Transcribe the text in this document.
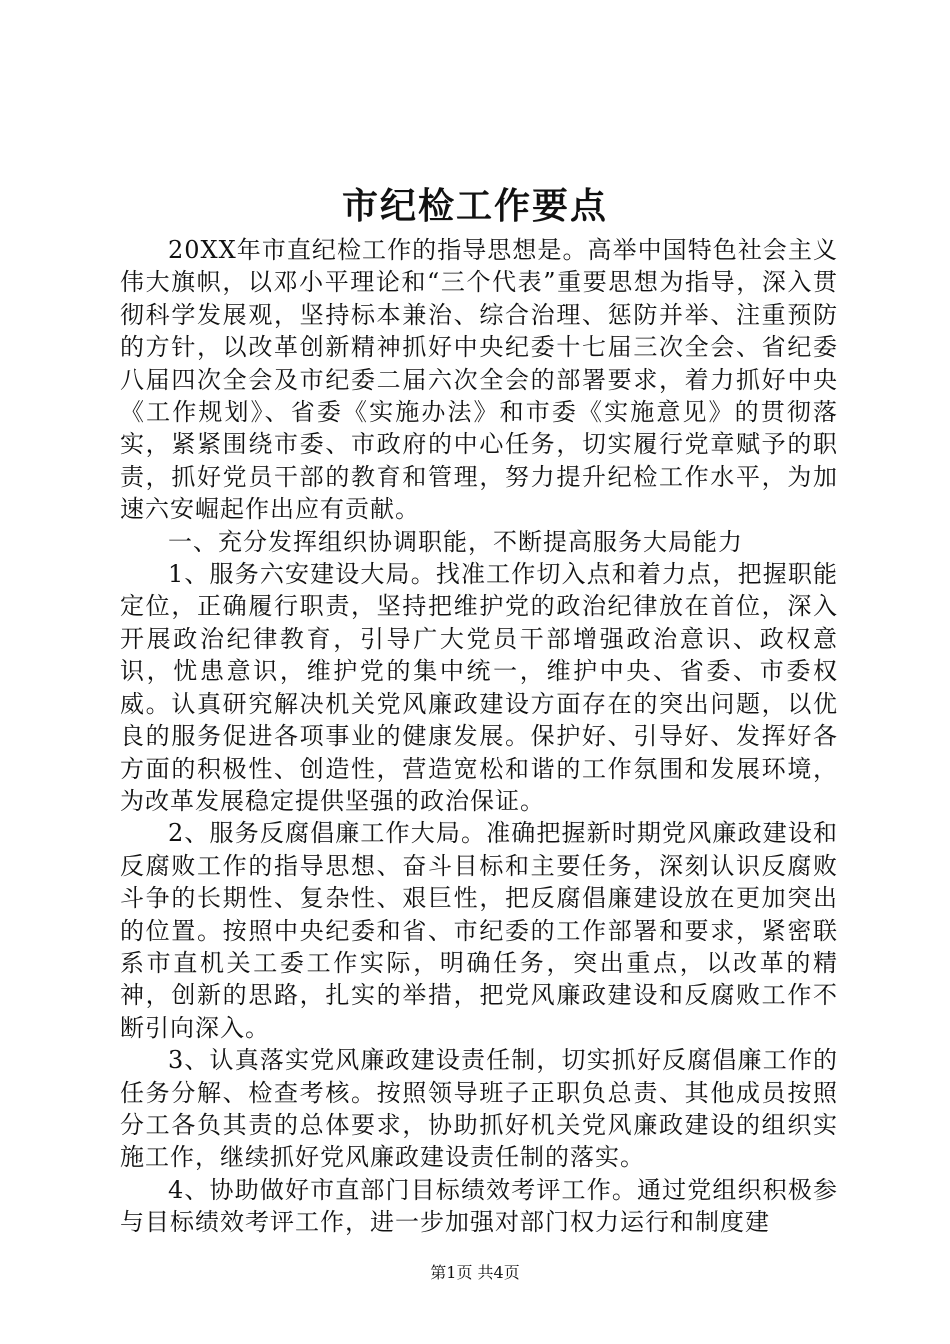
市纪检工作要点

20XX年市直纪检工作的指导思想是。高举中国特色社会主义伟大旗帜，以邓小平理论和“三个代表”重要思想为指导，深入贯彻科学发展观，坚持标本兼治、综合治理、惩防并举、注重预防的方针，以改革创新精神抓好中央纪委十七届三次全会、省纪委八届四次全会及市纪委二届六次全会的部署要求，着力抓好中央《工作规划》、省委《实施办法》和市委《实施意见》的贯彻落实，紧紧围绕市委、市政府的中心任务，切实履行党章赋予的职责，抓好党员干部的教育和管理，努力提升纪检工作水平，为加速六安崛起作出应有贡献。

一、充分发挥组织协调职能，不断提高服务大局能力

1、服务六安建设大局。找准工作切入点和着力点，把握职能定位，正确履行职责，坚持把维护党的政治纪律放在首位，深入开展政治纪律教育，引导广大党员干部增强政治意识、政权意识，忧患意识，维护党的集中统一，维护中央、省委、市委权威。认真研究解决机关党风廉政建设方面存在的突出问题，以优良的服务促进各项事业的健康发展。保护好、引导好、发挥好各方面的积极性、创造性，营造宽松和谐的工作氛围和发展环境，为改革发展稳定提供坚强的政治保证。

2、服务反腐倡廉工作大局。准确把握新时期党风廉政建设和反腐败工作的指导思想、奋斗目标和主要任务，深刻认识反腐败斗争的长期性、复杂性、艰巨性，把反腐倡廉建设放在更加突出的位置。按照中央纪委和省、市纪委的工作部署和要求，紧密联系市直机关工委工作实际，明确任务，突出重点，以改革的精神，创新的思路，扎实的举措，把党风廉政建设和反腐败工作不断引向深入。

3、认真落实党风廉政建设责任制，切实抓好反腐倡廉工作的任务分解、检查考核。按照领导班子正职负总责、其他成员按照分工各负其责的总体要求，协助抓好机关党风廉政建设的组织实施工作，继续抓好党风廉政建设责任制的落实。

4、协助做好市直部门目标绩效考评工作。通过党组织积极参与目标绩效考评工作，进一步加强对部门权力运行和制度建

第1页 共4页
